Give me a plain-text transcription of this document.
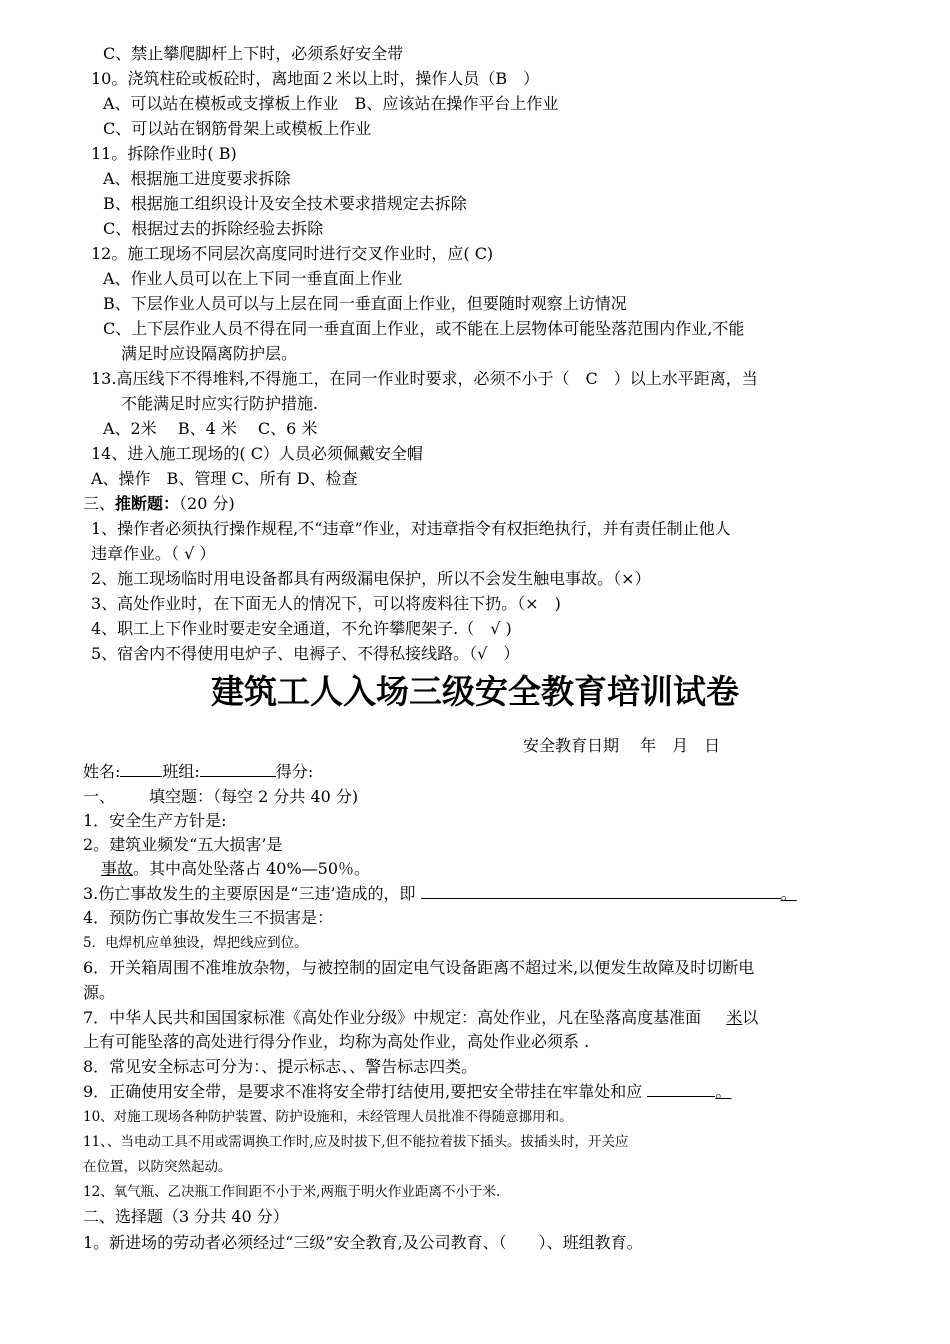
C、禁止攀爬脚杆上下时，必须系好安全带
10。浇筑柱砼或板砼时，离地面２米以上时，操作人员（B　）
A、可以站在模板或支撑板上作业　B、应该站在操作平台上作业
C、可以站在钢筋骨架上或模板上作业
11。拆除作业时( B)
A、根据施工进度要求拆除
B、根据施工组织设计及安全技术要求措规定去拆除
C、根据过去的拆除经验去拆除
12。施工现场不同层次高度同时进行交叉作业时，应( C)
A、作业人员可以在上下同一垂直面上作业
B、下层作业人员可以与上层在同一垂直面上作业，但要随时观察上访情况
C、上下层作业人员不得在同一垂直面上作业，或不能在上层物体可能坠落范围内作业,不能
满足时应设隔离防护层。
13.高压线下不得堆料,不得施工，在同一作业时要求，必须不小于（　C　）以上水平距离，当
不能满足时应实行防护措施.
A、2米　 B、4 米　 C、6 米
14、进入施工现场的( C）人员必须佩戴安全帽
A、操作　B、管理 C、所有 D、检查
三、推断题：（20 分)
1、操作者必须执行操作规程,不“违章”作业，对违章指令有权拒绝执行，并有责任制止他人
违章作业。（ √ ）
2、施工现场临时用电设备都具有两级漏电保护，所以不会发生触电事故。（×）
3、高处作业时，在下面无人的情况下，可以将废料往下扔。（×　)
4、职工上下作业时要走安全通道，不允许攀爬架子.（　√ )
5、宿舍内不得使用电炉子、电褥子、不得私接线路。（√　）
建筑工人入场三级安全教育培训试卷
安全教育日期　 年　月　日
姓名:	班组:	得分:
一、 填空题：（每空 2 分共 40 分)
1．安全生产方针是:
2。建筑业频发“五大损害’是
事故。其中高处坠落占 40%—50％。
3.伤亡事故发生的主要原因是“三违’造成的，即	。
4．预防伤亡事故发生三不损害是：
5．电焊机应单独设，焊把线应到位。
6．开关箱周围不准堆放杂物，与被控制的固定电气设备距离不超过米,以便发生故障及时切断电
源。
7．中华人民共和国国家标准《高处作业分级》中规定：高处作业，凡在坠落高度基准面 米以
上有可能坠落的高处进行得分作业，均称为高处作业，高处作业必须系 .
8．常见安全标志可分为：、提示标志、、警告标志四类。
9．正确使用安全带，是要求不准将安全带打结使用,要把安全带挂在牢靠处和应	。
10、对施工现场各种防护装置、防护设施和，未经管理人员批准不得随意挪用和。
11、、当电动工具不用或需调换工作时,应及时拔下,但不能拉着拔下插头。拔插头时，开关应
在位置，以防突然起动。
12、氧气瓶、乙决瓶工作间距不小于米,两瓶于明火作业距离不小于米.
二、选择题（3 分共 40 分）
1。新进场的劳动者必须经过“三级”安全教育,及公司教育、（　　）、班组教育。
